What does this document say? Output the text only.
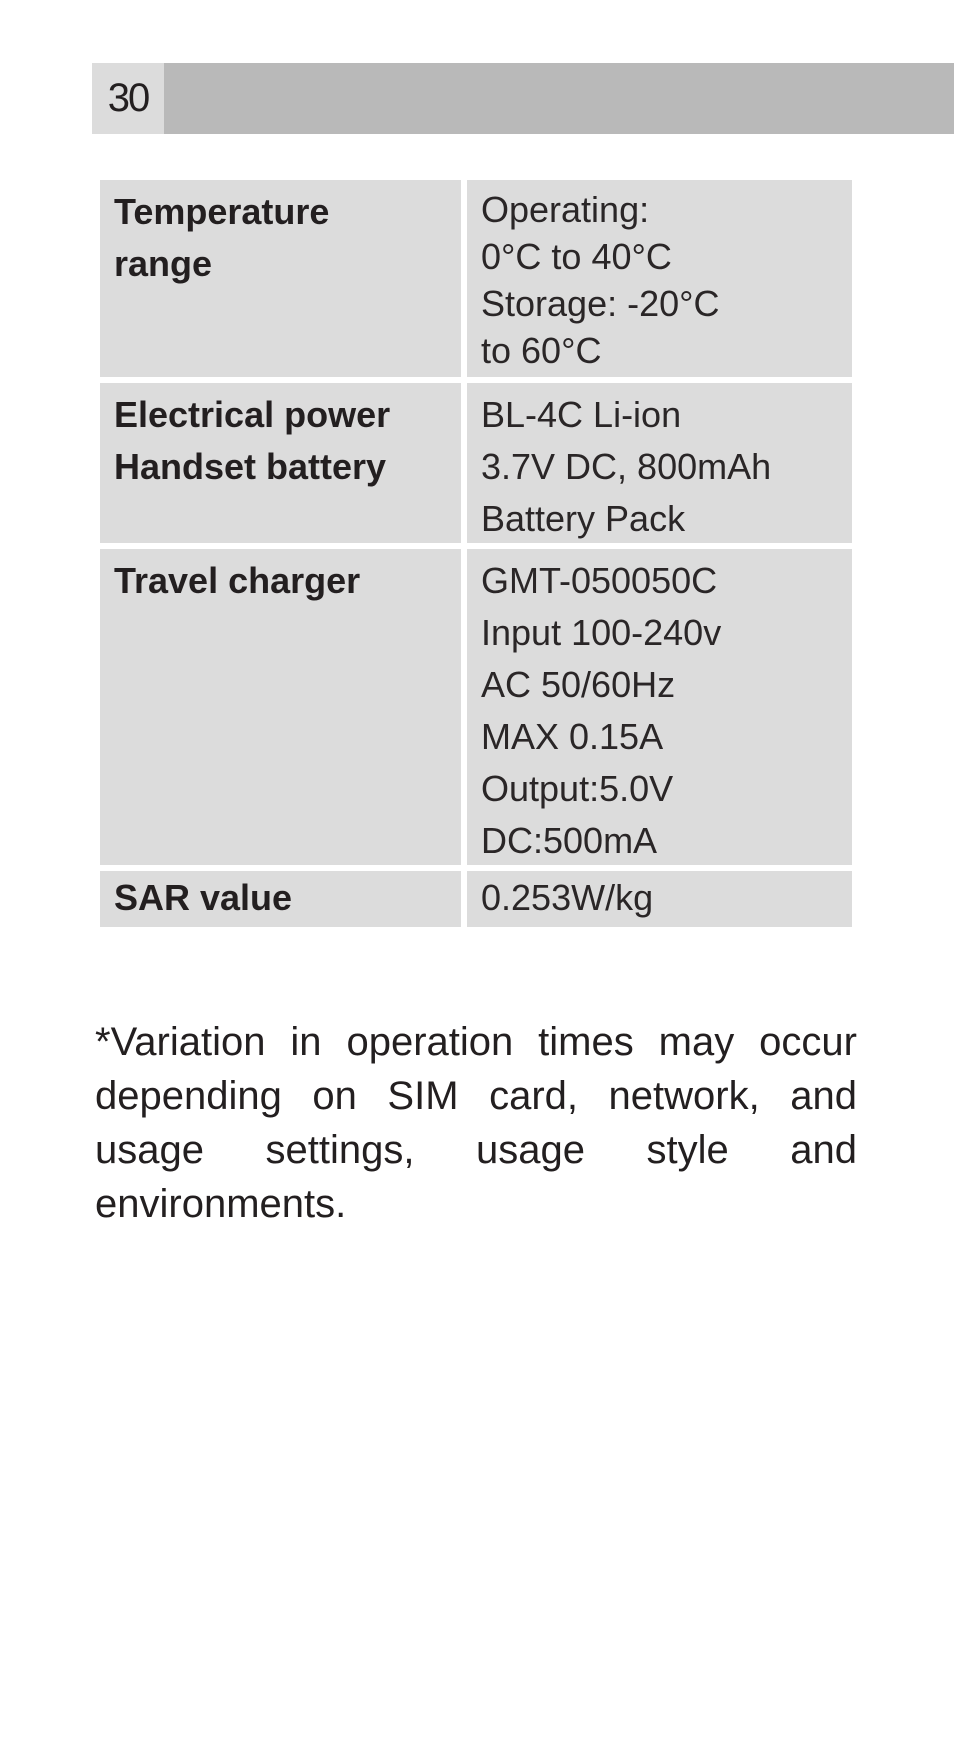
30
Temperature
range
Operating:
0°C to 40°C
Storage: -20°C
to 60°C
Electrical power
Handset battery
BL-4C Li-ion
3.7V DC, 800mAh
Battery Pack
Travel charger	GMT-050050C
Input 100-240v
AC 50/60Hz
MAX 0.15A
Output:5.0V
DC:500mA
SAR value	0.253W/kg

*Variation in operation times may occur depending on SIM card, network, and usage settings, usage style and environments.
